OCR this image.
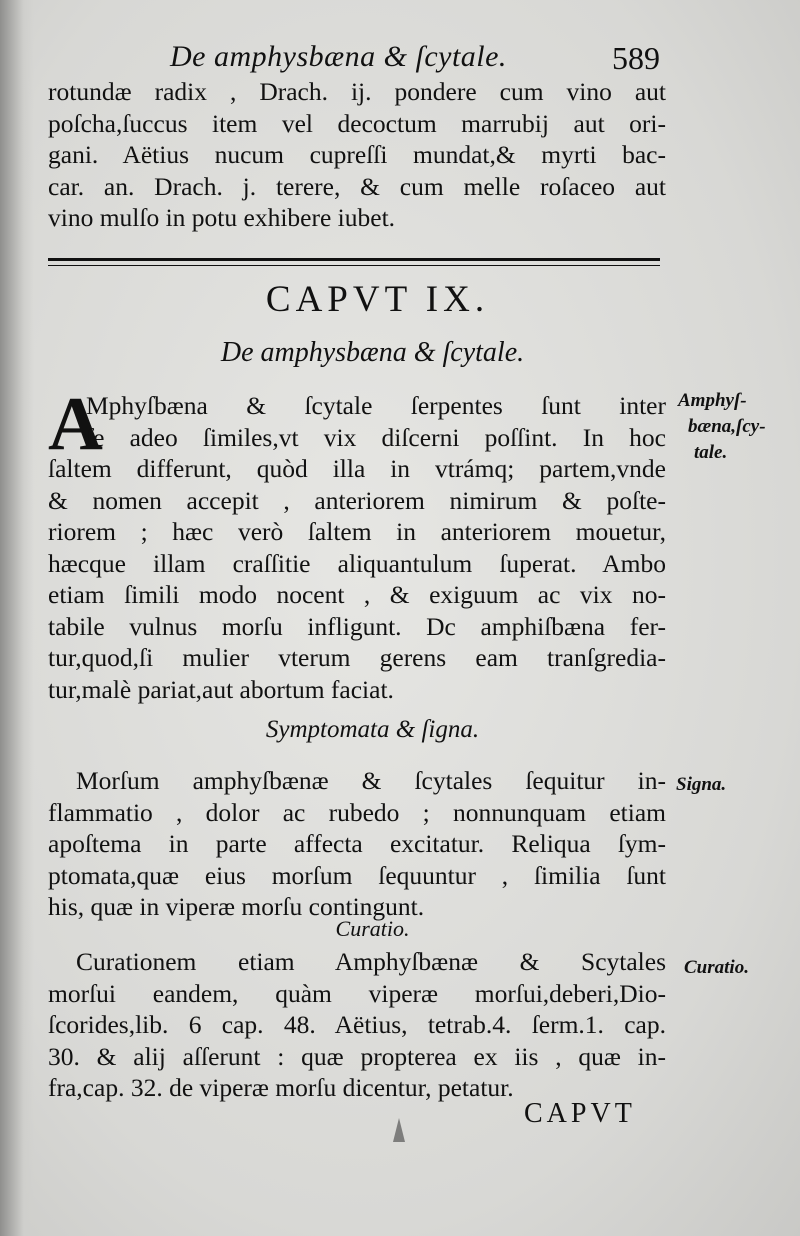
De amphysbæna & ſcytale.	589
rotundæ radix , Drach. ij. pondere cum vino aut
poſcha,ſuccus item vel decoctum marrubij aut ori-
gani. Aëtius nucum cupreſſi mundat,& myrti bac-
car. an. Drach. j. terere, & cum melle roſaceo aut
vino mulſo in potu exhibere iubet.
CAPVT IX.
De amphysbæna & ſcytale.
A
Mphyſbæna & ſcytale ſerpentes ſunt inter
ſe adeo ſimiles,vt vix diſcerni poſſint. In hoc
ſaltem differunt, quòd illa in vtrámq; partem,vnde
& nomen accepit , anteriorem nimirum & poſte-
riorem ; hæc verò ſaltem in anteriorem mouetur,
hæcque illam craſſitie aliquantulum ſuperat. Ambo
etiam ſimili modo nocent , & exiguum ac vix no-
tabile vulnus morſu infligunt. Dc amphiſbæna fer-
tur,quod,ſi mulier vterum gerens eam tranſgredia-
tur,malè pariat,aut abortum faciat.
Symptomata & ſigna.
Morſum amphyſbænæ & ſcytales ſequitur in-
flammatio , dolor ac rubedo ; nonnunquam etiam
apoſtema in parte affecta excitatur. Reliqua ſym-
ptomata,quæ eius morſum ſequuntur , ſimilia ſunt
his, quæ in viperæ morſu contingunt.
Curatio.
Curationem etiam Amphyſbænæ & Scytales
morſui eandem, quàm viperæ morſui,deberi,Dio-
ſcorides,lib. 6 cap. 48. Aëtius, tetrab.4. ſerm.1. cap.
30. & alij aſſerunt : quæ propterea ex iis , quæ in-
fra,cap. 32. de viperæ morſu dicentur, petatur.
CAPVT
Amphyſ-
bæna,ſcy-
tale.
Signa.
Curatio.
